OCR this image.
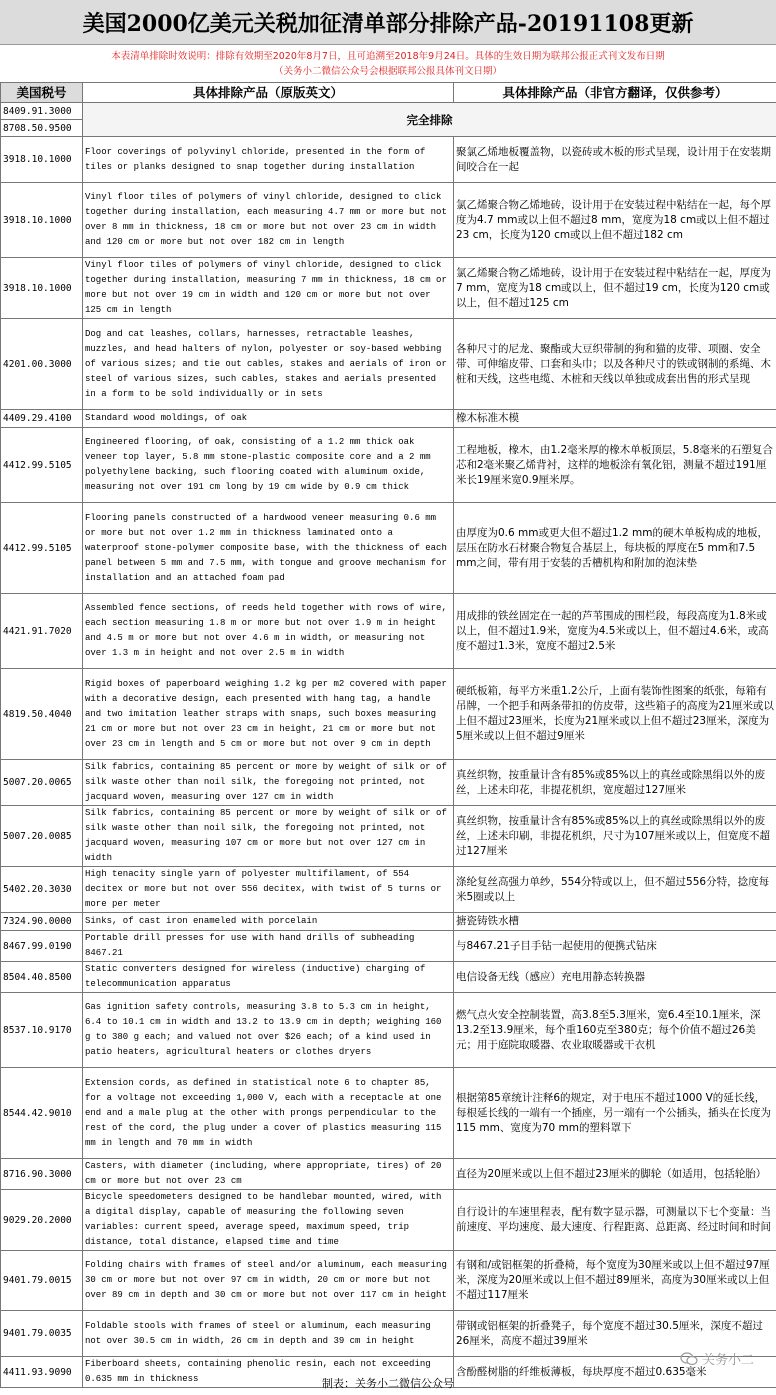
美国2000亿美元关税加征清单部分排除产品-20191108更新
本表清单排除时效说明：排除有效期至2020年8月7日，且可追溯至2018年9月24日。具体的生效日期为联邦公报正式刊文发布日期
（关务小二微信公众号会根据联邦公报具体刊文日期）
美国税号	具体排除产品（原版英文）	具体排除产品（非官方翻译，仅供参考）
8409.91.3000	完全排除	
8708.50.9500		
3918.10.1000	Floor coverings of polyvinyl chloride, presented in the form of tiles or planks designed to snap together during installation	聚氯乙烯地板覆盖物，以瓷砖或木板的形式呈现，设计用于在安装期间咬合在一起
3918.10.1000	Vinyl floor tiles of polymers of vinyl chloride, designed to click together during installation, each measuring 4.7 mm or more but not over 8 mm in thickness, 18 cm or more but not over 23 cm in width and 120 cm or more but not over 182 cm in length	氯乙烯聚合物乙烯地砖，设计用于在安装过程中粘结在一起，每个厚度为4.7 mm或以上但不超过8 mm，宽度为18 cm或以上但不超过23 cm，长度为120 cm或以上但不超过182 cm
3918.10.1000	Vinyl floor tiles of polymers of vinyl chloride, designed to click together during installation, measuring 7 mm in thickness, 18 cm or more but not over 19 cm in width and 120 cm or more but not over 125 cm in length	氯乙烯聚合物乙烯地砖，设计用于在安装过程中粘结在一起，厚度为7 mm，宽度为18 cm或以上，但不超过19 cm，长度为120 cm或以上，但不超过125 cm
4201.00.3000	Dog and cat leashes, collars, harnesses, retractable leashes, muzzles, and head halters of nylon, polyester or soy-based webbing of various sizes; and tie out cables, stakes and aerials of iron or steel of various sizes, such cables, stakes and aerials presented in a form to be sold individually or in sets	各种尺寸的尼龙、聚酯或大豆织带制的狗和猫的皮带、项圈、安全带、可伸缩皮带、口套和头巾；以及各种尺寸的铁或钢制的系绳、木桩和天线，这些电缆、木桩和天线以单独或成套出售的形式呈现
4409.29.4100	Standard wood moldings, of oak	橡木标准木模
4412.99.5105	Engineered flooring, of oak, consisting of a 1.2 mm thick oak veneer top layer, 5.8 mm stone-plastic composite core and a 2 mm polyethylene backing, such flooring coated with aluminum oxide, measuring not over 191 cm long by 19 cm wide by 0.9 cm thick	工程地板，橡木，由1.2毫米厚的橡木单板顶层，5.8毫米的石塑复合芯和2毫米聚乙烯背衬，这样的地板涂有氧化铝，测量不超过191厘米长19厘米宽0.9厘米厚。
4412.99.5105	Flooring panels constructed of a hardwood veneer measuring 0.6 mm or more but not over 1.2 mm in thickness laminated onto a waterproof stone-polymer composite base, with the thickness of each panel between 5 mm and 7.5 mm, with tongue and groove mechanism for installation and an attached foam pad	由厚度为0.6 mm或更大但不超过1.2 mm的硬木单板构成的地板，层压在防水石材聚合物复合基层上，每块板的厚度在5 mm和7.5 mm之间，带有用于安装的舌槽机构和附加的泡沫垫
4421.91.7020	Assembled fence sections, of reeds held together with rows of wire, each section measuring 1.8 m or more but not over 1.9 m in height and 4.5 m or more but not over 4.6 m in width, or measuring not over 1.3 m in height and not over 2.5 m in width	用成排的铁丝固定在一起的芦苇围成的围栏段，每段高度为1.8米或以上，但不超过1.9米，宽度为4.5米或以上，但不超过4.6米，或高度不超过1.3米，宽度不超过2.5米
4819.50.4040	Rigid boxes of paperboard weighing 1.2 kg per m2 covered with paper with a decorative design, each presented with hang tag, a handle and two imitation leather straps with snaps, such boxes measuring 21 cm or more but not over 23 cm in height, 21 cm or more but not over 23 cm in length and 5 cm or more but not over 9 cm in depth	硬纸板箱，每平方米重1.2公斤，上面有装饰性图案的纸张，每箱有吊牌，一个把手和两条带扣的仿皮带，这些箱子的高度为21厘米或以上但不超过23厘米，长度为21厘米或以上但不超过23厘米，深度为5厘米或以上但不超过9厘米
5007.20.0065	Silk fabrics, containing 85 percent or more by weight of silk or of silk waste other than noil silk, the foregoing not printed, not jacquard woven, measuring over 127 cm in width	真丝织物，按重量计含有85%或85%以上的真丝或除黑绢以外的废丝，上述未印花，非提花机织，宽度超过127厘米
5007.20.0085	Silk fabrics, containing 85 percent or more by weight of silk or of silk waste other than noil silk, the foregoing not printed, not jacquard woven, measuring 107 cm or more but not over 127 cm in width	真丝织物，按重量计含有85%或85%以上的真丝或除黑绢以外的废丝，上述未印刷，非提花机织，尺寸为107厘米或以上，但宽度不超过127厘米
5402.20.3030	High tenacity single yarn of polyester multifilament, of 554 decitex or more but not over 556 decitex, with twist of 5 turns or more per meter	涤纶复丝高强力单纱，554分特或以上，但不超过556分特，捻度每米5圈或以上
7324.90.0000	Sinks, of cast iron enameled with porcelain	搪瓷铸铁水槽
8467.99.0190	Portable drill presses for use with hand drills of subheading 8467.21	与8467.21子目手钻一起使用的便携式钻床
8504.40.8500	Static converters designed for wireless (inductive) charging of telecommunication apparatus	电信设备无线（感应）充电用静态转换器
8537.10.9170	Gas ignition safety controls, measuring 3.8 to 5.3 cm in height, 6.4 to 10.1 cm in width and 13.2 to 13.9 cm in depth; weighing 160 g to 380 g each; and valued not over $26 each; of a kind used in patio heaters, agricultural heaters or clothes dryers	燃气点火安全控制装置，高3.8至5.3厘米，宽6.4至10.1厘米，深13.2至13.9厘米，每个重160克至380克；每个价值不超过26美元；用于庭院取暖器、农业取暖器或干衣机
8544.42.9010	Extension cords, as defined in statistical note 6 to chapter 85, for a voltage not exceeding 1,000 V, each with a receptacle at one end and a male plug at the other with prongs perpendicular to the rest of the cord, the plug under a cover of plastics measuring 115 mm in length and 70 mm in width	根据第85章统计注释6的规定，对于电压不超过1000 V的延长线，每根延长线的一端有一个插座，另一端有一个公插头，插头在长度为115 mm、宽度为70 mm的塑料罩下
8716.90.3000	Casters, with diameter (including, where appropriate, tires) of 20 cm or more but not over 23 cm	直径为20厘米或以上但不超过23厘米的脚轮（如适用，包括轮胎）
9029.20.2000	Bicycle speedometers designed to be handlebar mounted, wired, with a digital display, capable of measuring the following seven variables: current speed, average speed, maximum speed, trip distance, total distance, elapsed time and time	自行设计的车速里程表，配有数字显示器，可测量以下七个变量：当前速度、平均速度、最大速度、行程距离、总距离、经过时间和时间
9401.79.0015	Folding chairs with frames of steel and/or aluminum, each measuring 30 cm or more but not over 97 cm in width, 20 cm or more but not over 89 cm in depth and 30 cm or more but not over 117 cm in height	有钢和/或铝框架的折叠椅，每个宽度为30厘米或以上但不超过97厘米，深度为20厘米或以上但不超过89厘米，高度为30厘米或以上但不超过117厘米
9401.79.0035	Foldable stools with frames of steel or aluminum, each measuring not over 30.5 cm in width, 26 cm in depth and 39 cm in height	带钢或铝框架的折叠凳子，每个宽度不超过30.5厘米，深度不超过26厘米，高度不超过39厘米
4411.93.9090	Fiberboard sheets, containing phenolic resin, each not exceeding 0.635 mm in thickness	含酚醛树脂的纤维板薄板，每块厚度不超过0.635毫米
制表：关务小二微信公众号
关务小二
